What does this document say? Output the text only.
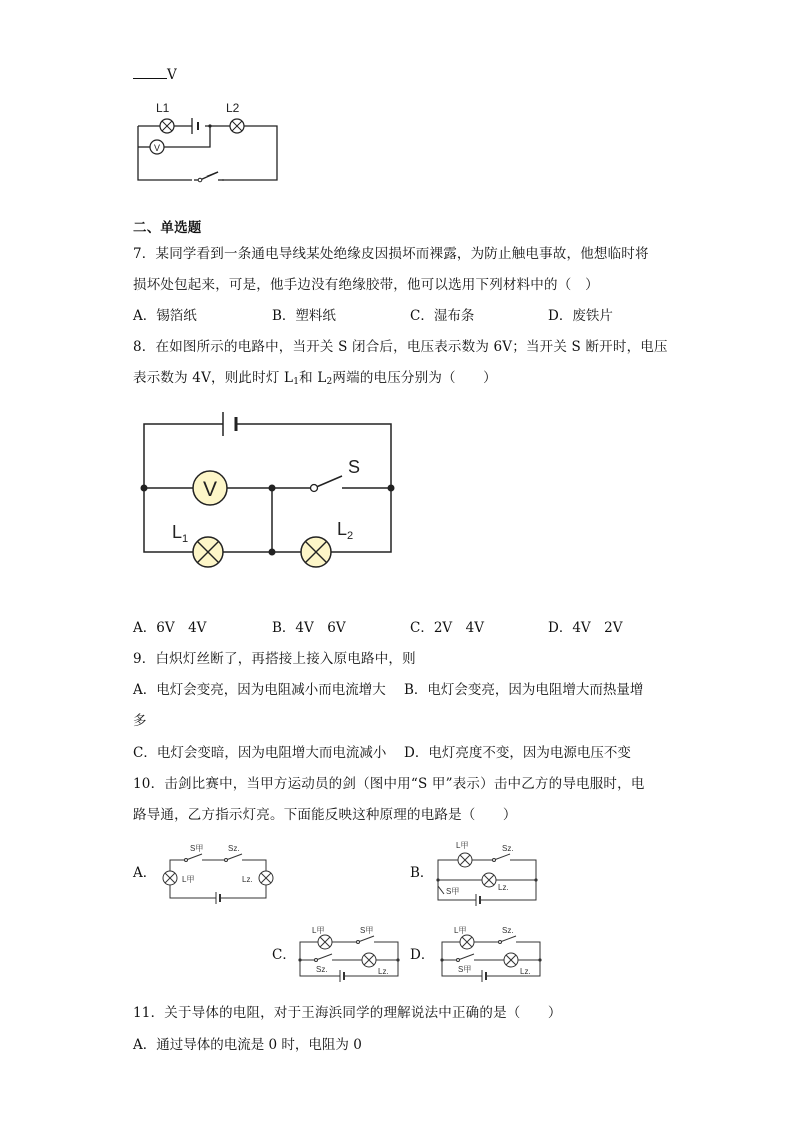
V
V
L1	L2
二、单选题
7．某同学看到一条通电导线某处绝缘皮因损坏而裸露，为防止触电事故，他想临时将
损坏处包起来，可是，他手边没有绝缘胶带，他可以选用下列材料中的（　）
A．锡箔纸	B．塑料纸	C．湿布条	D．废铁片
8．在如图所示的电路中，当开关 S 闭合后，电压表示数为 6V；当开关 S 断开时，电压
表示数为 4V，则此时灯 $L_1$和 $L_2$两端的电压分别为（　　）
V
S
$L_1$	$L_2$
A．6V　4V	B．4V　6V	C．2V　4V	D．4V　2V
9．白炽灯丝断了，再搭接上接入原电路中，则
A．电灯会变亮，因为电阻减小而电流增大 B．电灯会变亮，因为电阻增大而热量增
多
C．电灯会变暗，因为电阻增大而电流减小 D．电灯亮度不变，因为电源电压不变
10．击剑比赛中，当甲方运动员的剑（图中用“S 甲”表示）击中乙方的导电服时，电
路导通，乙方指示灯亮。下面能反映这种原理的电路是（　　）
A．
S甲	Sz.
L甲	Lz.	B．
L甲	Sz.
S甲	Lz.
C．
L甲	S甲
Sz.	Lz.
D．
L甲	Sz.
S甲	Lz.
11．关于导体的电阻，对于王海浜同学的理解说法中正确的是（　　）
A．通过导体的电流是 0 时，电阻为 0
